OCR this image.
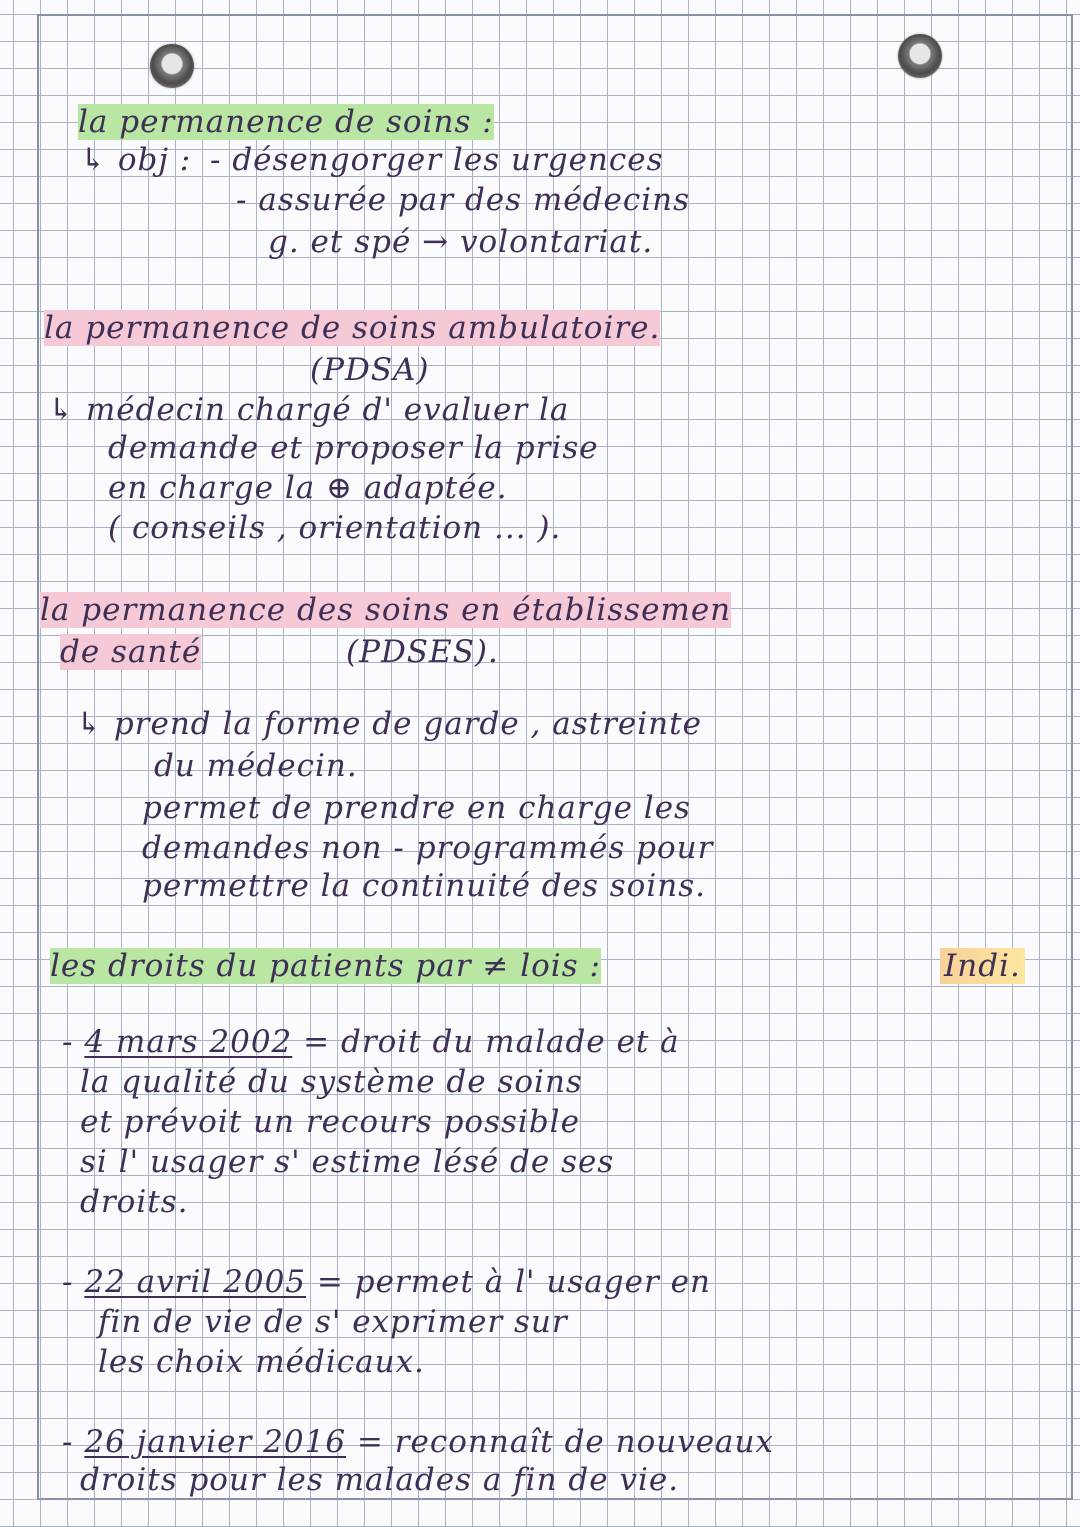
la permanence de soins :
↳ obj : - désengorger les urgences
- assurée par des médecins
g. et spé → volontariat.
la permanence de soins ambulatoire.
(PDSA)
↳ médecin chargé d' evaluer la
demande et proposer la prise
en charge la ⊕ adaptée.
( conseils , orientation ... ).
la permanence des soins en établissemen
de santé	(PDSES).
↳ prend la forme de garde , astreinte
du médecin.
permet de prendre en charge les
demandes non - programmés pour
permettre la continuité des soins.
les droits du patients par ≠ lois :	Indi.
- 4 mars 2002 = droit du malade et à
la qualité du système de soins
et prévoit un recours possible
si l' usager s' estime lésé de ses
droits.
- 22 avril 2005 = permet à l' usager en
fin de vie de s' exprimer sur
les choix médicaux.
- 26 janvier 2016 = reconnaît de nouveaux
droits pour les malades a fin de vie.
